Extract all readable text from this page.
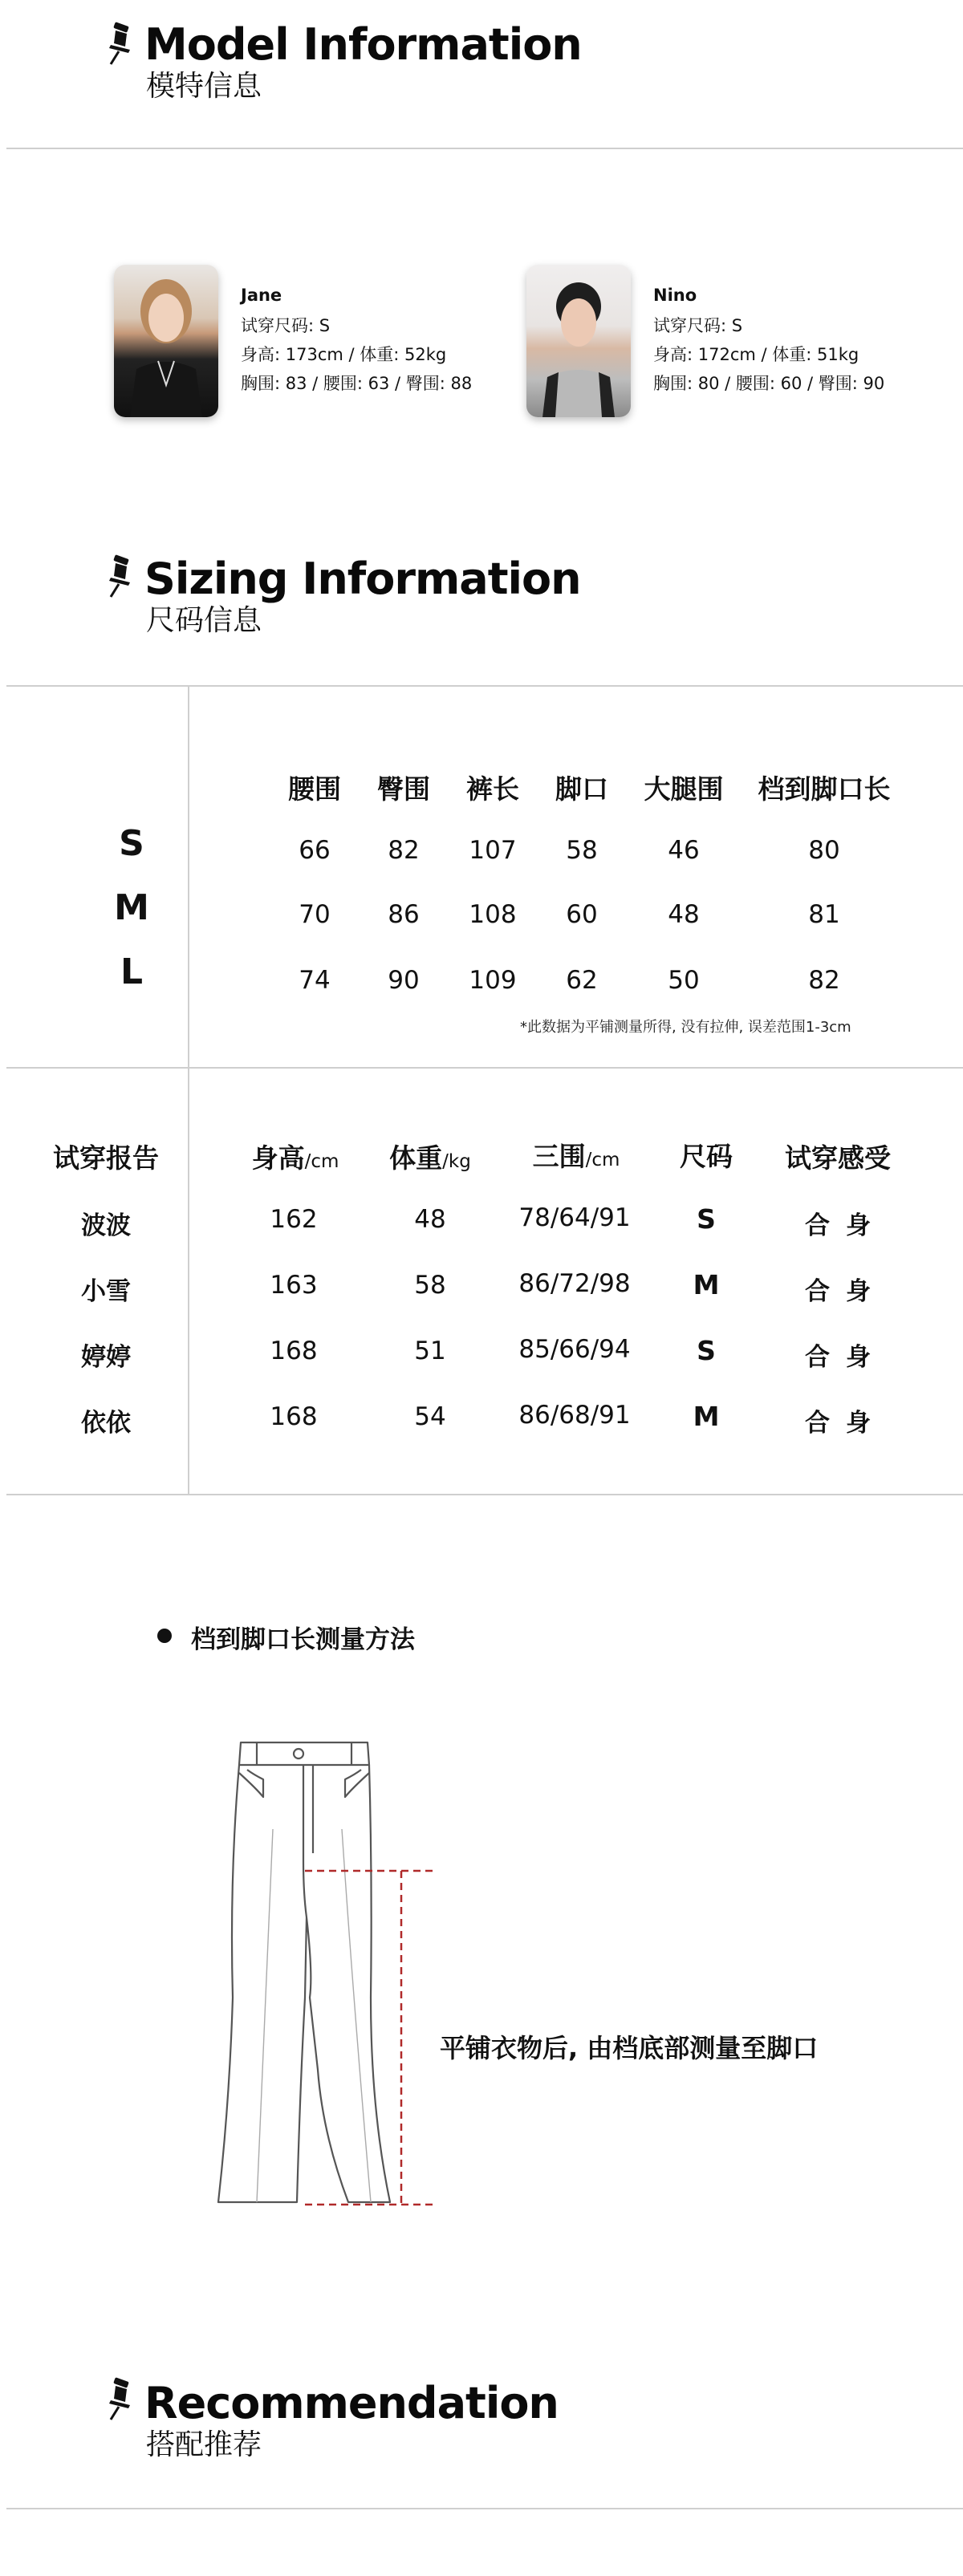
Model Information
模特信息
Jane
试穿尺码: S
身高: 173cm / 体重: 52kg
胸围: 83 / 腰围: 63 / 臀围: 88
Nino
试穿尺码: S
身高: 172cm / 体重: 51kg
胸围: 80 / 腰围: 60 / 臀围: 90
Sizing Information
尺码信息
腰围 臀围 裤长 脚口 大腿围 档到脚口长
S	66 82 107 58	46	80
M	70 86 108 60	48	81
L	74 90 109 62	50	82
*此数据为平铺测量所得, 没有拉伸, 误差范围1-3cm
试穿报告	身高/cm 体重/kg 三围/cm 尺码 试穿感受
波波	162	48	78/64/91 S	合身
小雪	163	58	86/72/98 M	合身
婷婷	168	51	85/66/94 S	合身
依依	168	54	86/68/91 M	合身
档到脚口长测量方法
平铺衣物后, 由档底部测量至脚口
Recommendation
搭配推荐
